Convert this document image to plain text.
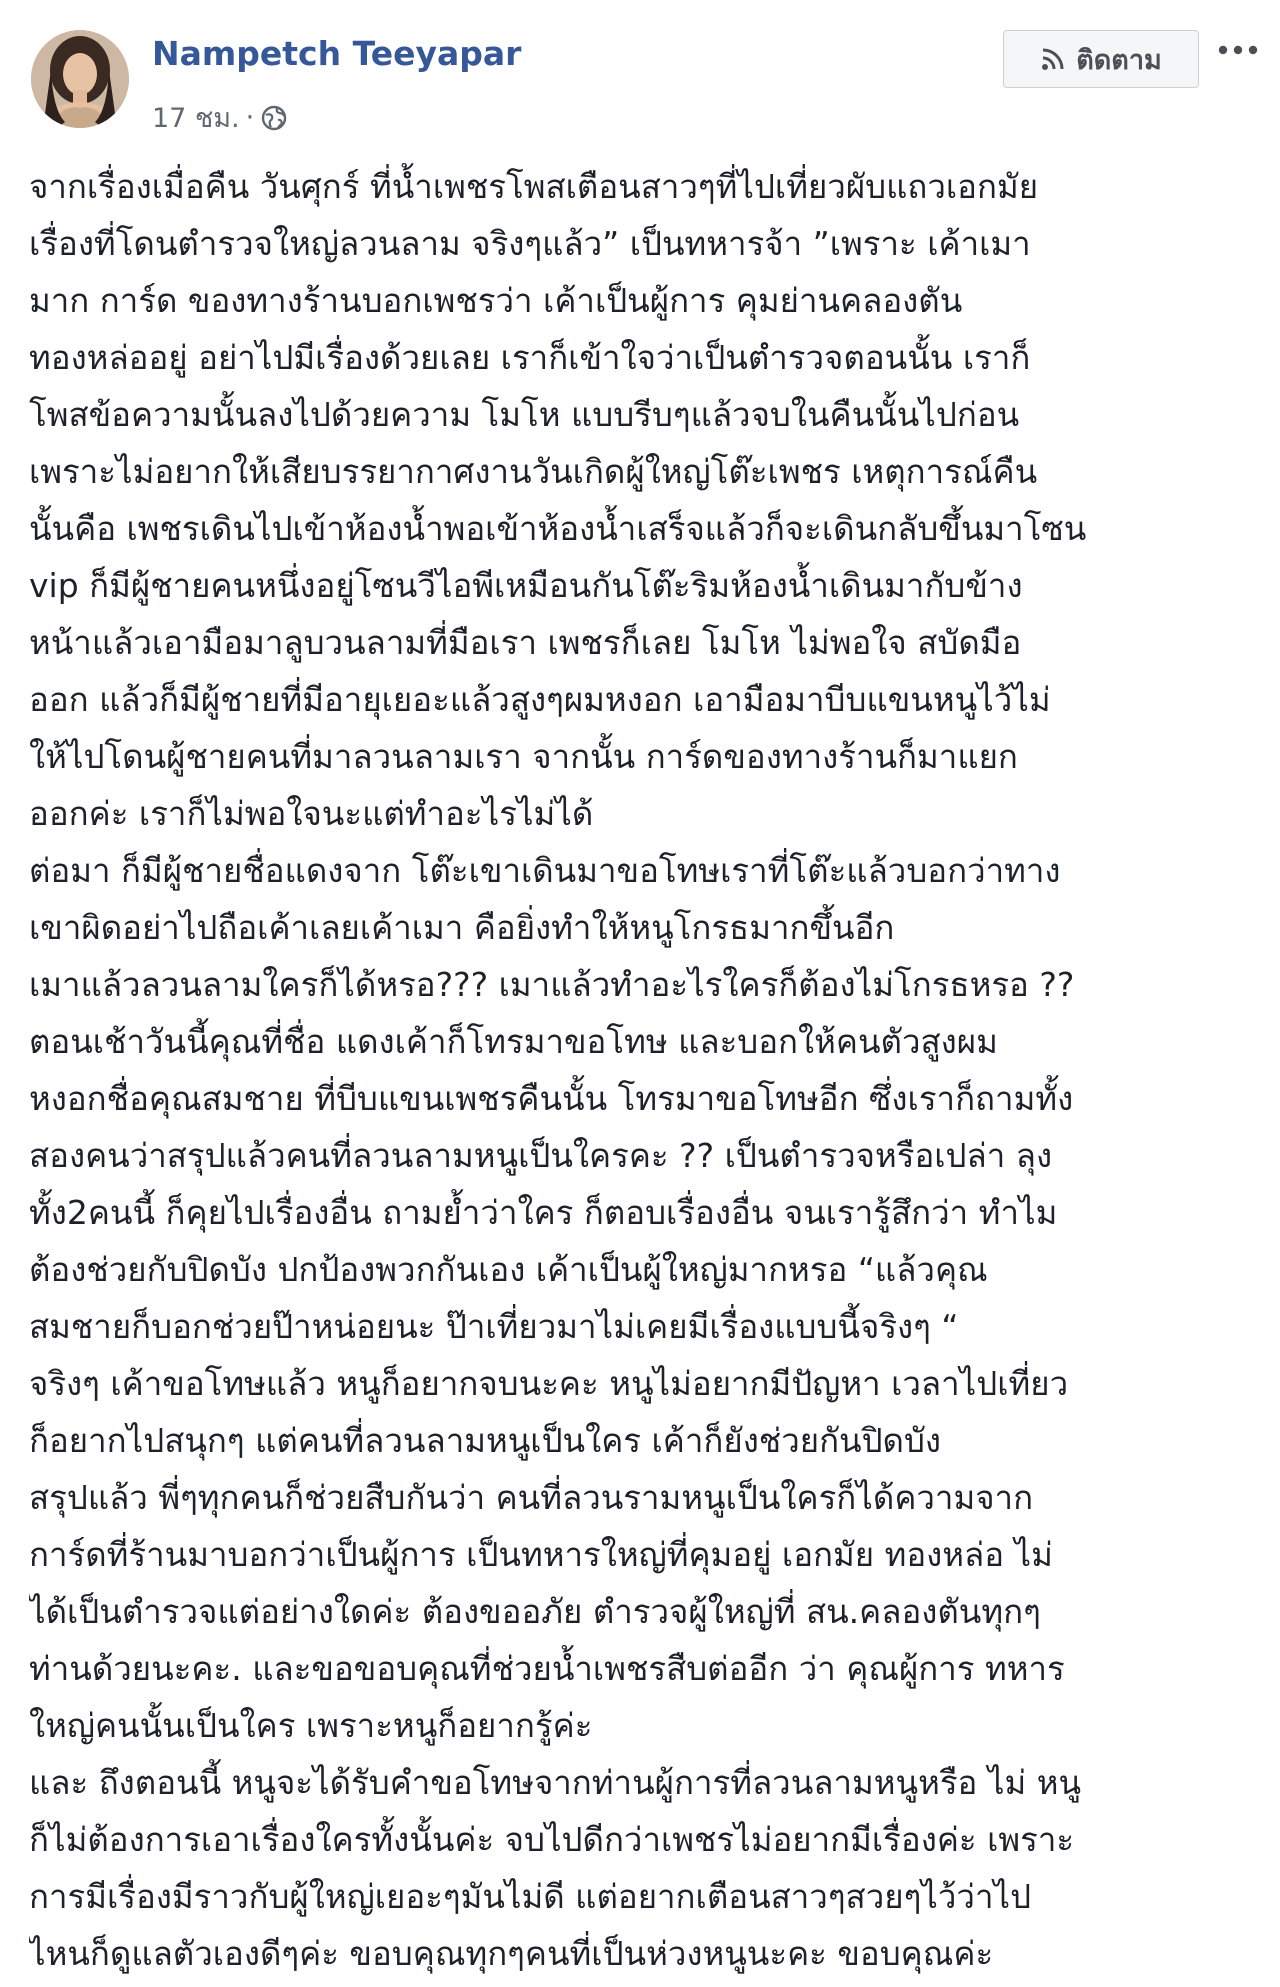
Nampetch Teeyapar
17 ชม. ·
ติดตาม
จากเรื่องเมื่อคืน วันศุกร์ ที่น้ำเพชรโพสเตือนสาวๆที่ไปเที่ยวผับแถวเอกมัย
เรื่องที่โดนตำรวจใหญ่ลวนลาม จริงๆแล้ว” เป็นทหารจ้า ”เพราะ เค้าเมา
มาก การ์ด ของทางร้านบอกเพชรว่า เค้าเป็นผู้การ คุมย่านคลองตัน
ทองหล่ออยู่ อย่าไปมีเรื่องด้วยเลย เราก็เข้าใจว่าเป็นตำรวจตอนนั้น เราก็
โพสข้อความนั้นลงไปด้วยความ โมโห แบบรีบๆแล้วจบในคืนนั้นไปก่อน
เพราะไม่อยากให้เสียบรรยากาศงานวันเกิดผู้ใหญ่โต๊ะเพชร เหตุการณ์คืน
นั้นคือ เพชรเดินไปเข้าห้องน้ำพอเข้าห้องน้ำเสร็จแล้วก็จะเดินกลับขึ้นมาโซน
vip ก็มีผู้ชายคนหนึ่งอยู่โซนวีไอพีเหมือนกันโต๊ะริมห้องน้ำเดินมากับข้าง
หน้าแล้วเอามือมาลูบวนลามที่มือเรา เพชรก็เลย โมโห ไม่พอใจ สบัดมือ
ออก แล้วก็มีผู้ชายที่มีอายุเยอะแล้วสูงๆผมหงอก เอามือมาบีบแขนหนูไว้ไม่
ให้ไปโดนผู้ชายคนที่มาลวนลามเรา จากนั้น การ์ดของทางร้านก็มาแยก
ออกค่ะ เราก็ไม่พอใจนะแต่ทำอะไรไม่ได้
ต่อมา ก็มีผู้ชายชื่อแดงจาก โต๊ะเขาเดินมาขอโทษเราที่โต๊ะแล้วบอกว่าทาง
เขาผิดอย่าไปถือเค้าเลยเค้าเมา คือยิ่งทำให้หนูโกรธมากขึ้นอีก
เมาแล้วลวนลามใครก็ได้หรอ??? เมาแล้วทำอะไรใครก็ต้องไม่โกรธหรอ ??
ตอนเช้าวันนี้คุณที่ชื่อ แดงเค้าก็โทรมาขอโทษ และบอกให้คนตัวสูงผม
หงอกชื่อคุณสมชาย ที่บีบแขนเพชรคืนนั้น โทรมาขอโทษอีก ซึ่งเราก็ถามทั้ง
สองคนว่าสรุปแล้วคนที่ลวนลามหนูเป็นใครคะ ?? เป็นตำรวจหรือเปล่า ลุง
ทั้ง2คนนี้ ก็คุยไปเรื่องอื่น ถามย้ำว่าใคร ก็ตอบเรื่องอื่น จนเรารู้สึกว่า ทำไม
ต้องช่วยกับปิดบัง ปกป้องพวกกันเอง เค้าเป็นผู้ใหญ่มากหรอ “แล้วคุณ
สมชายก็บอกช่วยป๊าหน่อยนะ ป๊าเที่ยวมาไม่เคยมีเรื่องแบบนี้จริงๆ “
จริงๆ เค้าขอโทษแล้ว หนูก็อยากจบนะคะ หนูไม่อยากมีปัญหา เวลาไปเที่ยว
ก็อยากไปสนุกๆ แต่คนที่ลวนลามหนูเป็นใคร เค้าก็ยังช่วยกันปิดบัง
สรุปแล้ว พี่ๆทุกคนก็ช่วยสืบกันว่า คนที่ลวนรามหนูเป็นใครก็ได้ความจาก
การ์ดที่ร้านมาบอกว่าเป็นผู้การ เป็นทหารใหญ่ที่คุมอยู่ เอกมัย ทองหล่อ ไม่
ได้เป็นตำรวจแต่อย่างใดค่ะ ต้องขออภัย ตำรวจผู้ใหญ่ที่ สน.คลองตันทุกๆ
ท่านด้วยนะคะ. และขอขอบคุณที่ช่วยน้ำเพชรสืบต่ออีก ว่า คุณผู้การ ทหาร
ใหญ่คนนั้นเป็นใคร เพราะหนูก็อยากรู้ค่ะ
และ ถึงตอนนี้ หนูจะได้รับคำขอโทษจากท่านผู้การที่ลวนลามหนูหรือ ไม่ หนู
ก็ไม่ต้องการเอาเรื่องใครทั้งนั้นค่ะ จบไปดีกว่าเพชรไม่อยากมีเรื่องค่ะ เพราะ
การมีเรื่องมีราวกับผู้ใหญ่เยอะๆมันไม่ดี แต่อยากเตือนสาวๆสวยๆไว้ว่าไป
ไหนก็ดูแลตัวเองดีๆค่ะ ขอบคุณทุกๆคนที่เป็นห่วงหนูนะคะ ขอบคุณค่ะ
